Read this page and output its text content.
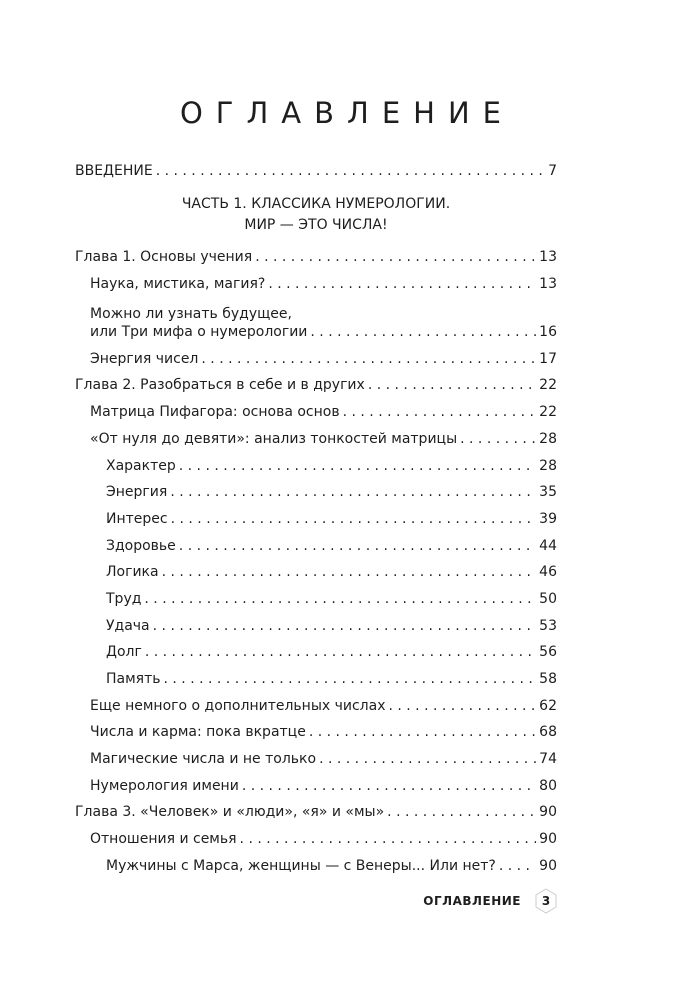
ОГЛАВЛЕНИЕ
ВВЕДЕНИЕ . . .	7
ЧАСТЬ 1. КЛАССИКА НУМЕРОЛОГИИ.
МИР — ЭТО ЧИСЛА!
Глава 1. Основы учения . . .	13
Наука, мистика, магия? . . .	13
Можно ли узнать будущее,
или Три мифа о нумерологии . . .	16
Энергия чисел . . .	17
Глава 2. Разобраться в себе и в других . . .	22
Матрица Пифагора: основа основ . . .	22
«От нуля до девяти»: анализ тонкостей матрицы . . .	28
Характер . . .	28
Энергия . . .	35
Интерес . . .	39
Здоровье . . .	44
Логика . . .	46
Труд . . .	50
Удача . . .	53
Долг . . .	56
Память . . .	58
Еще немного о дополнительных числах . . .	62
Числа и карма: пока вкратце . . .	68
Магические числа и не только . . .	74
Нумерология имени . . .	80
Глава 3. «Человек» и «люди», «я» и «мы» . . .	90
Отношения и семья . . .	90
Мужчины с Марса, женщины — с Венеры... Или нет? . . .	90
ОГЛАВЛЕНИЕ 3
